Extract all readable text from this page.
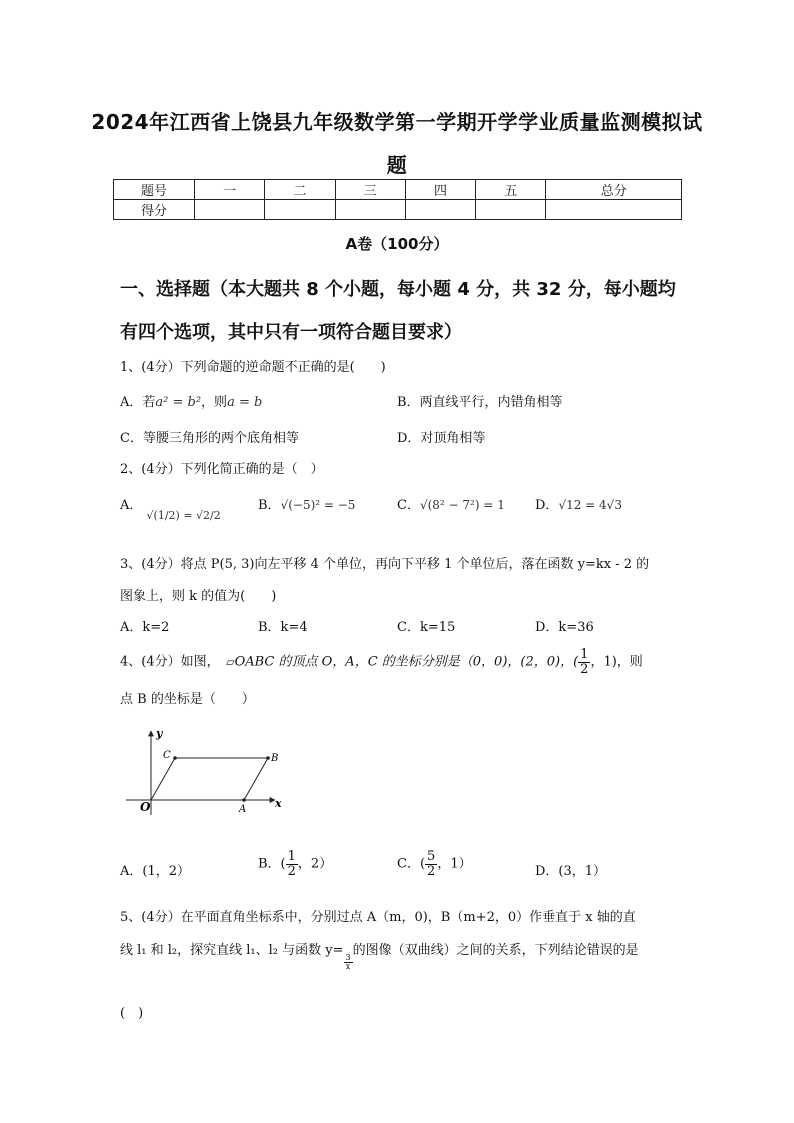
2024年江西省上饶县九年级数学第一学期开学学业质量监测模拟试
题
题号	一	二	三	四	五	总分
得分						
A卷（100分）
一、选择题（本大题共 8 个小题，每小题 4 分，共 32 分，每小题均
有四个选项，其中只有一项符合题目要求）
1、(4分）下列命题的逆命题不正确的是(　　)
A．若a² = b²，则a = b	B．两直线平行，内错角相等
C．等腰三角形的两个底角相等	D．对顶角相等
2、(4分）下列化简正确的是（　）
A． $_{√(1/2) = √2/2}$
B．√(−5)² = −5	C．√(8² − 7²) = 1 D．√12 = 4√3
3、(4分）将点 P(5, 3)向左平移 4 个单位，再向下平移 1 个单位后，落在函数 y=kx - 2 的
图象上，则 k 的值为(　　)
A．k=2	B．k=4	C．k=15	D．k=36
4、(4分）如图，　▱OABC 的顶点 O，A，C 的坐标分别是（0，0)，(2，0)，( $\frac{1}{2}$ ，1)，则
点 B 的坐标是（　　）
y
x
O	A
B
C
A．(1，2）	B．( $\frac{1}{2}$ ，2）	C．( $\frac{5}{2}$ ，1）	D．(3，1）
5、(4分）在平面直角坐标系中，分别过点 A（m，0)，B（m+2，0）作垂直于 x 轴的直
线 l₁ 和 l₂，探究直线 l₁、l₂ 与函数 y=
$\frac{3}{x}$
的图像（双曲线）之间的关系，下列结论错误的是
(　)
